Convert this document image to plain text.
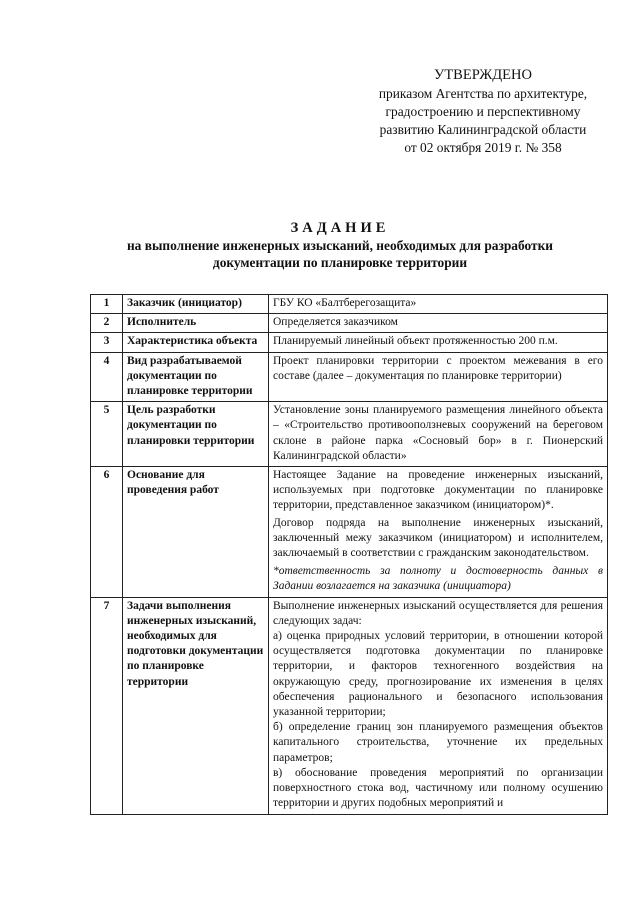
УТВЕРЖДЕНО
приказом Агентства по архитектуре,
градостроению и перспективному
развитию Калининградской области
от 02 октября 2019 г. № 358
ЗАДАНИЕ
на выполнение инженерных изысканий, необходимых для разработки
документации по планировке территории
1	Заказчик (инициатор)	ГБУ КО «Балтберегозащита»

2	Исполнитель	Определяется заказчиком

3	Характеристика объекта	Планируемый линейный объект протяженностью 200 п.м.

4	Вид разрабатываемой документации по планировке территории	Проект планировки территории с проектом межевания в его составе (далее – документация по планировке территории)

5	Цель разработки документации по планировки территории	Установление зоны планируемого размещения линейного объекта – «Строительство противооползневых сооружений на береговом склоне в районе парка «Сосновый бор» в г. Пионерский Калининградской области»

6	Основание для проведения работ	Настоящее Задание на проведение инженерных изысканий, используемых при подготовке документации по планировке территории, представленное заказчиком (инициатором)*.

Договор подряда на выполнение инженерных изысканий, заключенный межу заказчиком (инициатором) и исполнителем, заключаемый в соответствии с гражданским законодательством.

*ответственность за полноту и достоверность данных в Задании возлагается на заказчика (инициатора)

7	Задачи выполнения инженерных изысканий, необходимых для подготовки документации по планировке территории	Выполнение инженерных изысканий осуществляется для решения следующих задач:

а) оценка природных условий территории, в отношении которой осуществляется подготовка документации по планировке территории, и факторов техногенного воздействия на окружающую среду, прогнозирование их изменения в целях обеспечения рационального и безопасного использования указанной территории;

б) определение границ зон планируемого размещения объектов капитального строительства, уточнение их предельных параметров;

в) обоснование проведения мероприятий по организации поверхностного стока вод, частичному или полному осушению территории и других подобных мероприятий и
